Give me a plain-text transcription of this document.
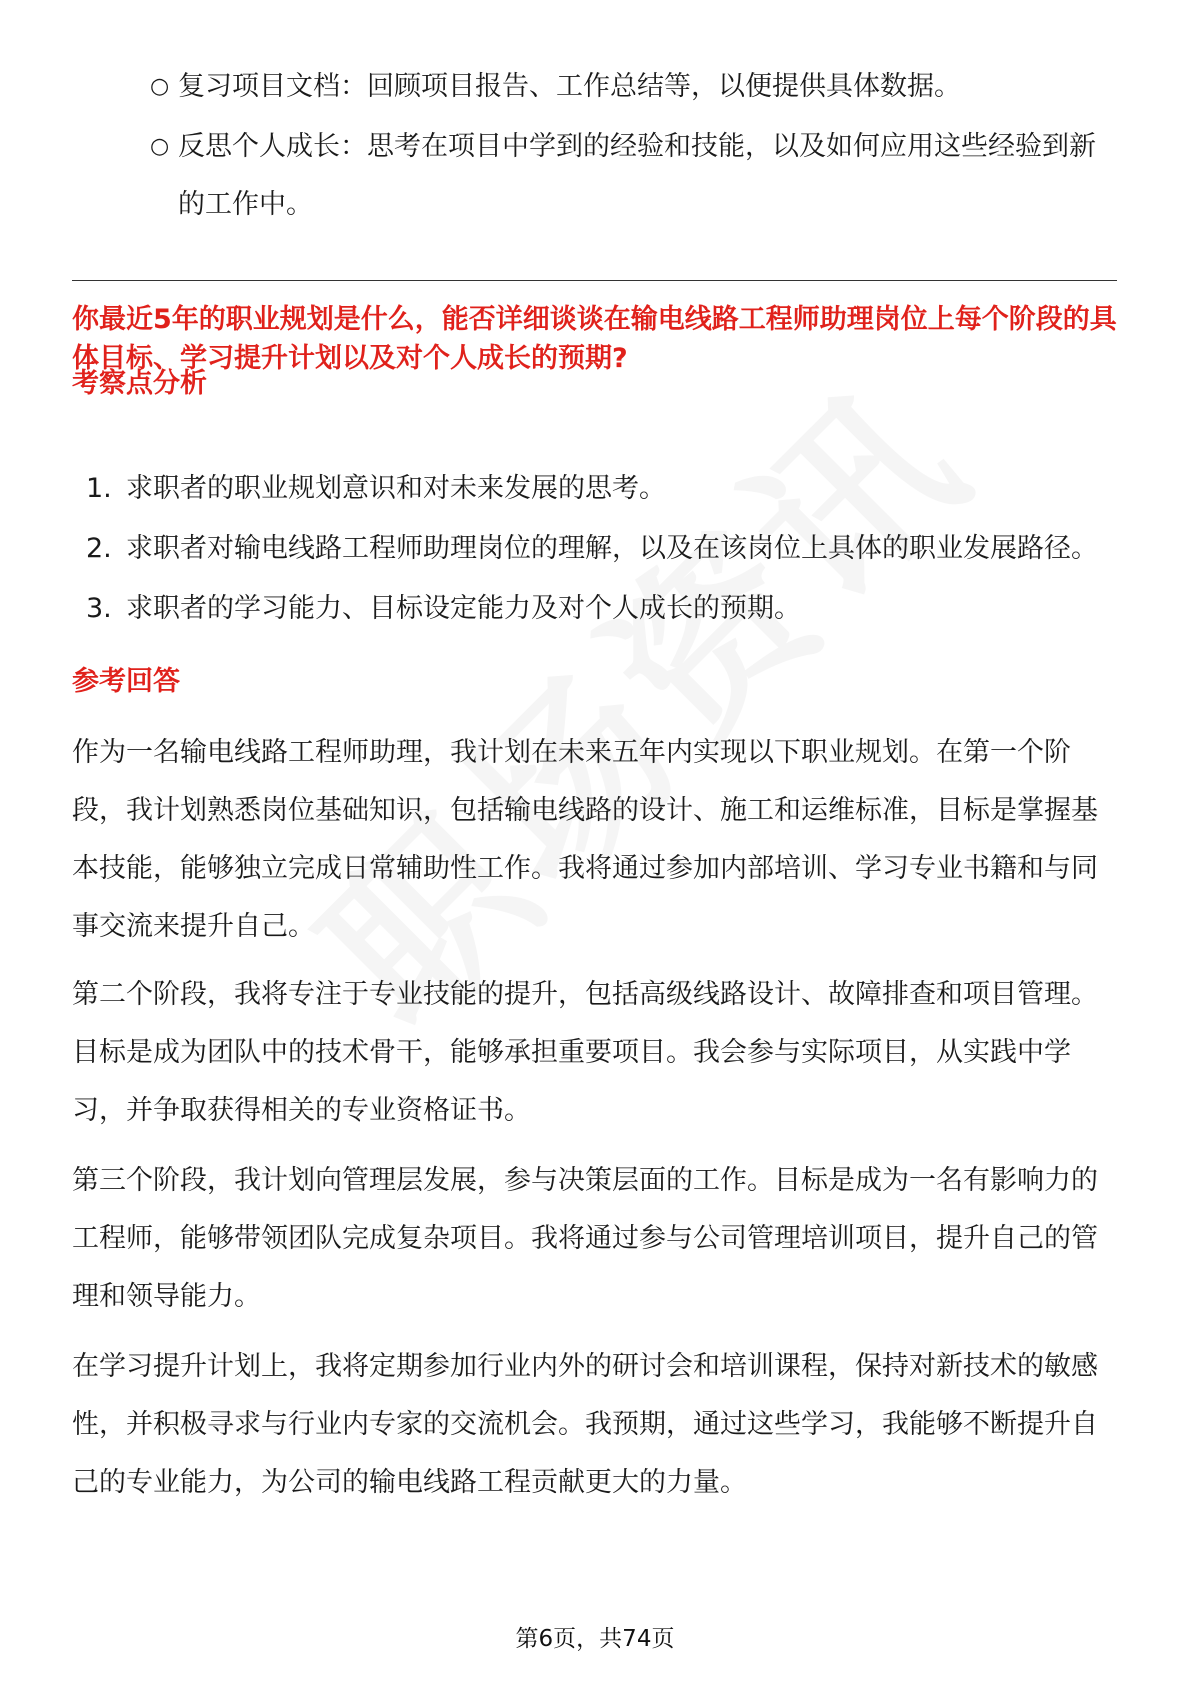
○ 复习项目文档：回顾项目报告、工作总结等，以便提供具体数据。
○ 反思个人成长：思考在项目中学到的经验和技能，以及如何应用这些经验到新的工作中。
你最近5年的职业规划是什么，能否详细谈谈在输电线路工程师助理岗位上每个阶段的具体目标、学习提升计划以及对个人成长的预期?
考察点分析
1. 求职者的职业规划意识和对未来发展的思考。
2. 求职者对输电线路工程师助理岗位的理解，以及在该岗位上具体的职业发展路径。
3. 求职者的学习能力、目标设定能力及对个人成长的预期。
参考回答

作为一名输电线路工程师助理，我计划在未来五年内实现以下职业规划。在第一个阶段，我计划熟悉岗位基础知识，包括输电线路的设计、施工和运维标准，目标是掌握基本技能，能够独立完成日常辅助性工作。我将通过参加内部培训、学习专业书籍和与同事交流来提升自己。

第二个阶段，我将专注于专业技能的提升，包括高级线路设计、故障排查和项目管理。目标是成为团队中的技术骨干，能够承担重要项目。我会参与实际项目，从实践中学习，并争取获得相关的专业资格证书。

第三个阶段，我计划向管理层发展，参与决策层面的工作。目标是成为一名有影响力的工程师，能够带领团队完成复杂项目。我将通过参与公司管理培训项目，提升自己的管理和领导能力。

在学习提升计划上，我将定期参加行业内外的研讨会和培训课程，保持对新技术的敏感性，并积极寻求与行业内专家的交流机会。我预期，通过这些学习，我能够不断提升自己的专业能力，为公司的输电线路工程贡献更大的力量。

第6页，共74页
